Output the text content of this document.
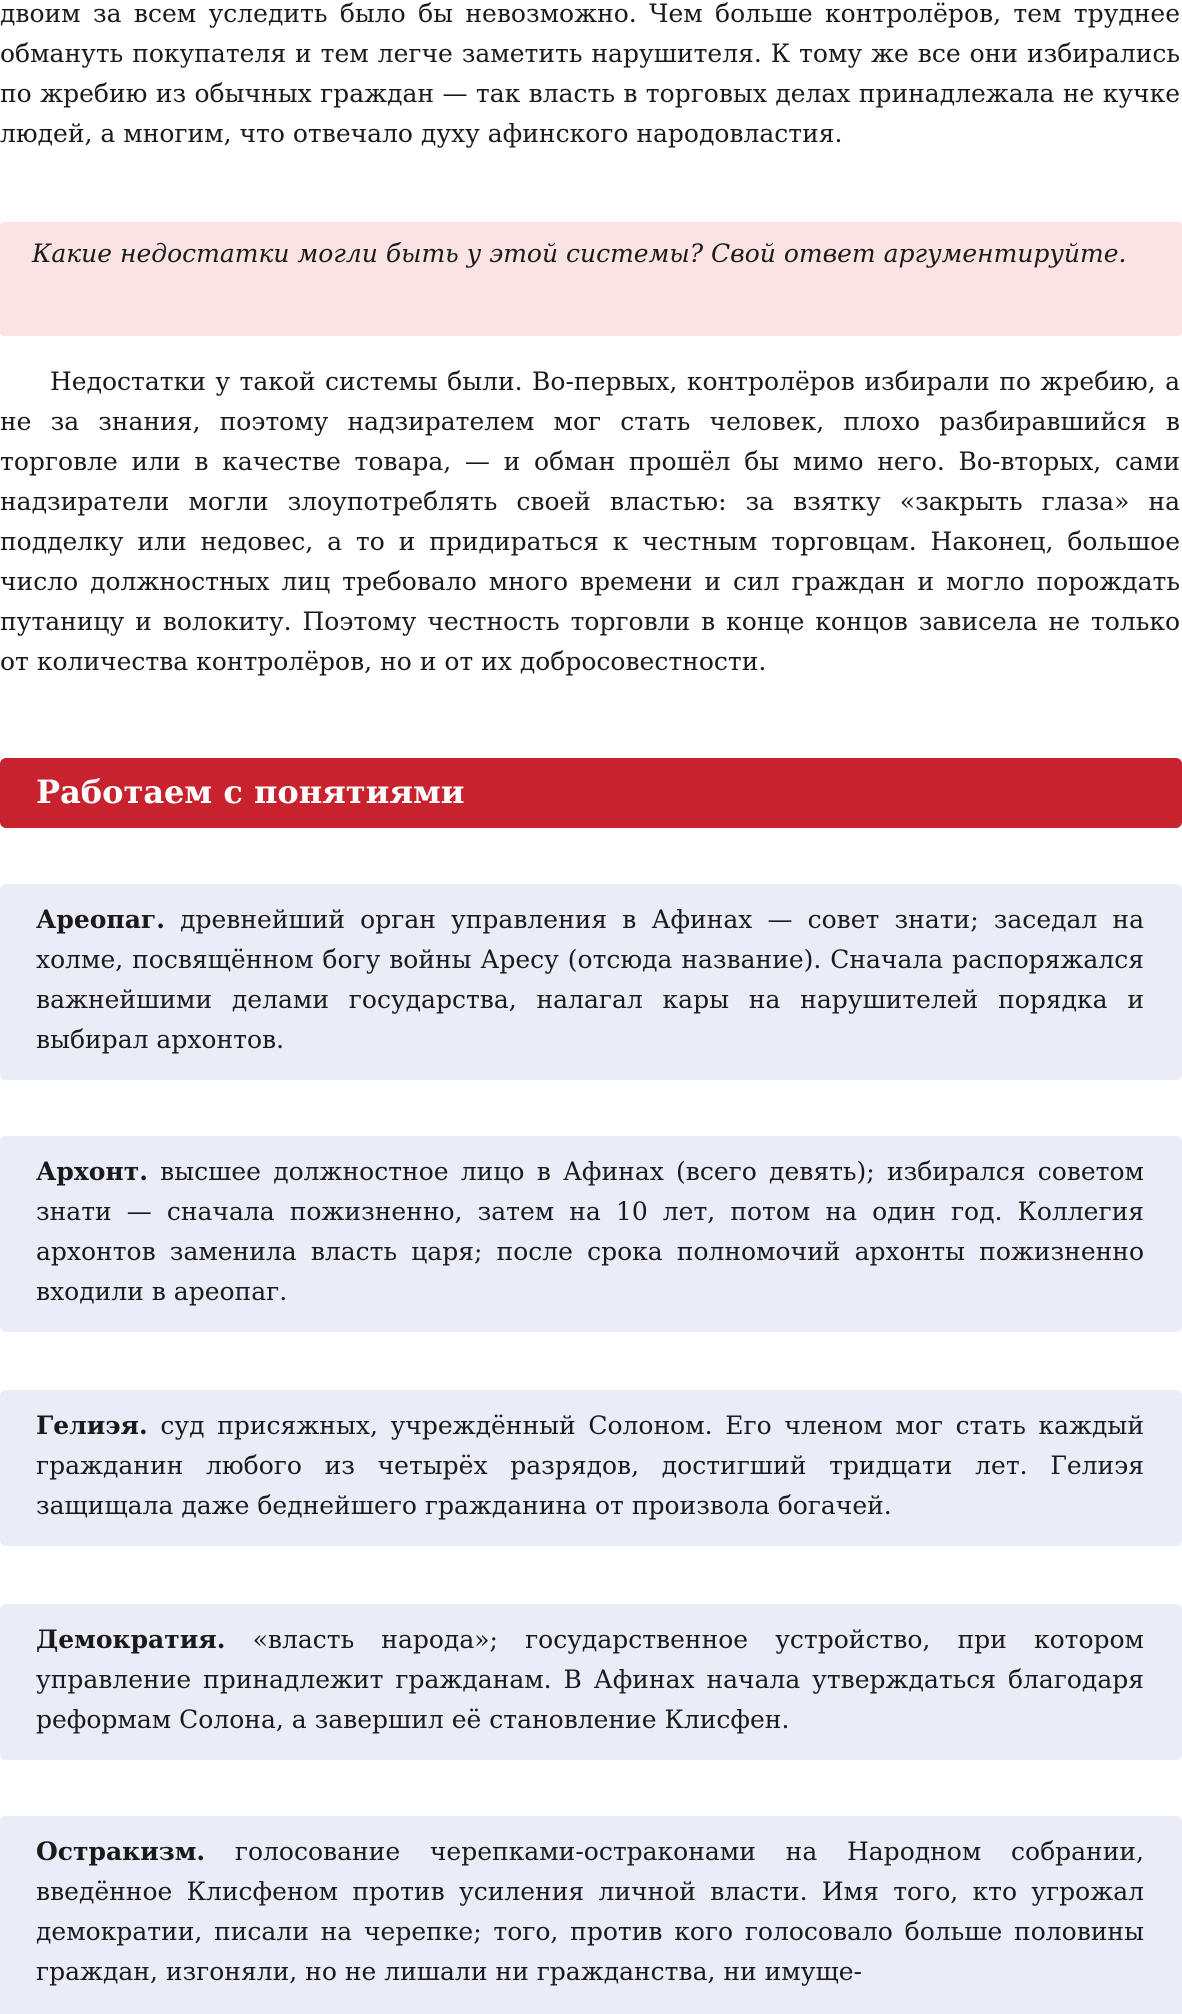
двоим за всем уследить было бы невозможно. Чем больше контролёров, тем труднее обмануть покупателя и тем легче заметить нарушителя. К тому же все они избирались по жребию из обычных граждан — так власть в торговых делах принадлежала не кучке людей, а многим, что отвечало духу афинского народовластия.

Какие недостатки могли быть у этой системы? Свой ответ аргументируйте.

Недостатки у такой системы были. Во-первых, контролёров избирали по жребию, а не за знания, поэтому надзирателем мог стать человек, плохо разбиравшийся в торговле или в качестве товара, — и обман прошёл бы мимо него. Во-вторых, сами надзиратели могли злоупотреблять своей властью: за взятку «закрыть глаза» на подделку или недовес, а то и придираться к честным торговцам. Наконец, большое число должностных лиц требовало много времени и сил граждан и могло порождать путаницу и волокиту. Поэтому честность торговли в конце концов зависела не только от количества контролёров, но и от их добросовестности.

Работаем с понятиями

Ареопаг. древнейший орган управления в Афинах — совет знати; заседал на холме, посвящённом богу войны Аресу (отсюда название). Сначала распоряжался важнейшими делами государства, налагал кары на нарушителей порядка и выбирал архонтов.

Архонт. высшее должностное лицо в Афинах (всего девять); избирался советом знати — сначала пожизненно, затем на 10 лет, потом на один год. Коллегия архонтов заменила власть царя; после срока полномочий архонты пожизненно входили в ареопаг.

Гелиэя. суд присяжных, учреждённый Солоном. Его членом мог стать каждый гражданин любого из четырёх разрядов, достигший тридцати лет. Гелиэя защищала даже беднейшего гражданина от произвола богачей.

Демократия. «власть народа»; государственное устройство, при котором управление принадлежит гражданам. В Афинах начала утверждаться благодаря реформам Солона, а завершил её становление Клисфен.

Остракизм. голосование черепками-остраконами на Народном собрании, введённое Клисфеном против усиления личной власти. Имя того, кто угрожал демократии, писали на черепке; того, против кого голосовало больше половины граждан, изгоняли, но не лишали ни гражданства, ни имуще-
